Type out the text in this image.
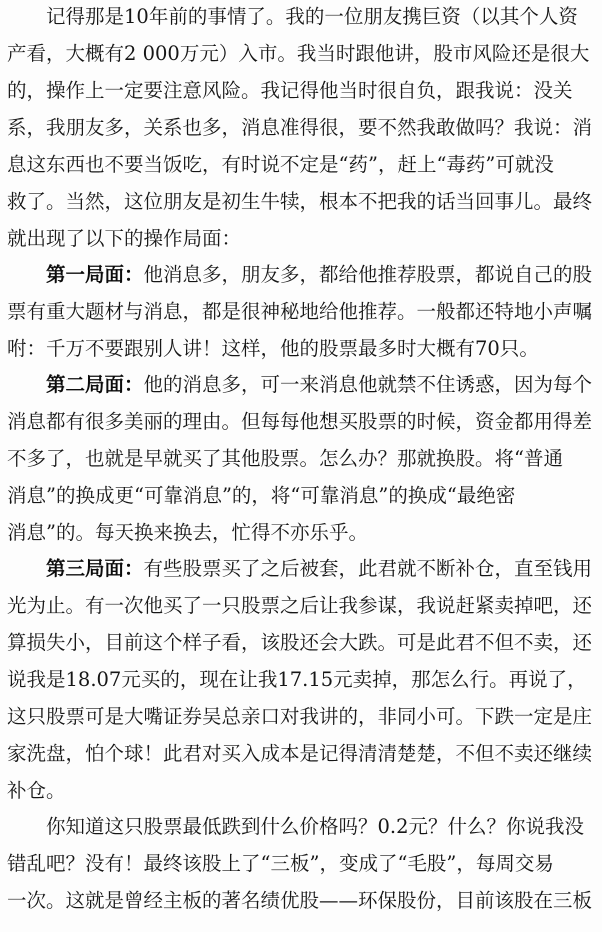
记得那是10年前的事情了。我的一位朋友携巨资（以其个人资

产看，大概有2 000万元）入市。我当时跟他讲，股市风险还是很大

的，操作上一定要注意风险。我记得他当时很自负，跟我说：没关

系，我朋友多，关系也多，消息准得很，要不然我敢做吗？我说：消

息这东西也不要当饭吃，有时说不定是“药”，赶上“毒药”可就没

救了。当然，这位朋友是初生牛犊，根本不把我的话当回事儿。最终

就出现了以下的操作局面：

第一局面：他消息多，朋友多，都给他推荐股票，都说自己的股

票有重大题材与消息，都是很神秘地给他推荐。一般都还特地小声嘱

咐：千万不要跟别人讲！这样，他的股票最多时大概有70只。

第二局面：他的消息多，可一来消息他就禁不住诱惑，因为每个

消息都有很多美丽的理由。但每每他想买股票的时候，资金都用得差

不多了，也就是早就买了其他股票。怎么办？那就换股。将“普通

消息”的换成更“可靠消息”的，将“可靠消息”的换成“最绝密

消息”的。每天换来换去，忙得不亦乐乎。

第三局面：有些股票买了之后被套，此君就不断补仓，直至钱用

光为止。有一次他买了一只股票之后让我参谋，我说赶紧卖掉吧，还

算损失小，目前这个样子看，该股还会大跌。可是此君不但不卖，还

说我是18.07元买的，现在让我17.15元卖掉，那怎么行。再说了，

这只股票可是大嘴证券吴总亲口对我讲的，非同小可。下跌一定是庄

家洗盘，怕个球！此君对买入成本是记得清清楚楚，不但不卖还继续

补仓。

你知道这只股票最低跌到什么价格吗？0.2元？什么？你说我没

错乱吧？没有！最终该股上了“三板”，变成了“毛股”，每周交易

一次。这就是曾经主板的著名绩优股——环保股份，目前该股在三板
